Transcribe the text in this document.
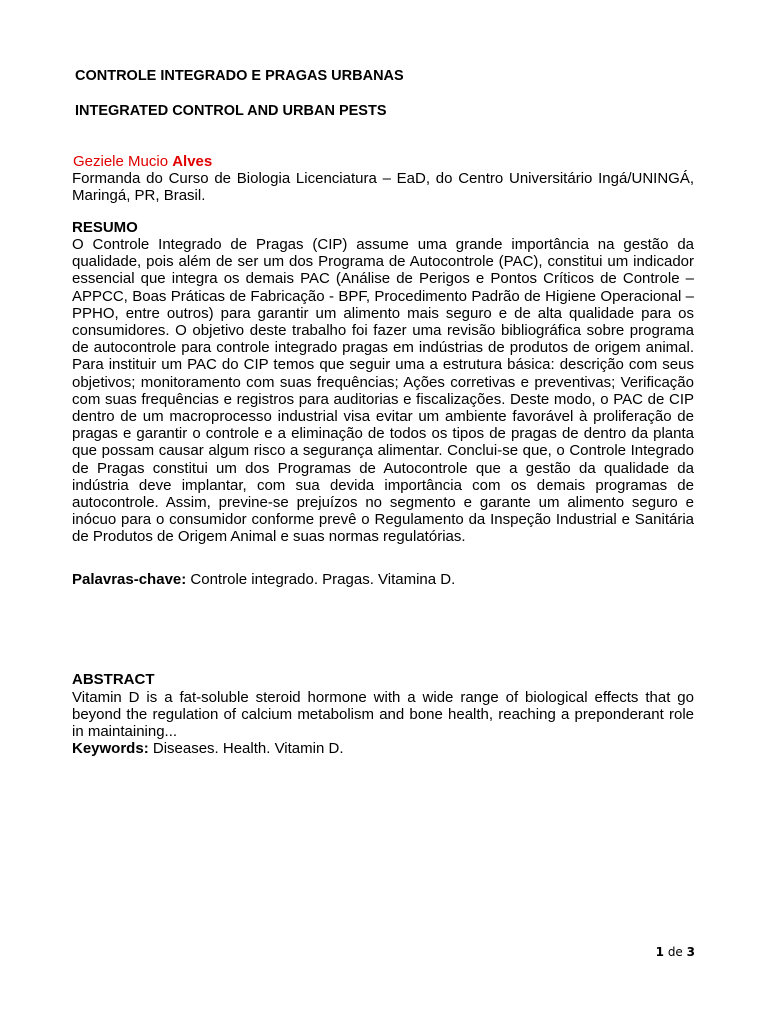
CONTROLE INTEGRADO E PRAGAS URBANAS
INTEGRATED CONTROL AND URBAN PESTS
Geziele Mucio Alves

Formanda do Curso de Biologia Licenciatura – EaD, do Centro Universitário Ingá/UNINGÁ, Maringá, PR, Brasil.

RESUMO

O Controle Integrado de Pragas (CIP) assume uma grande importância na gestão da qualidade, pois além de ser um dos Programa de Autocontrole (PAC), constitui um indicador essencial que integra os demais PAC (Análise de Perigos e Pontos Críticos de Controle – APPCC, Boas Práticas de Fabricação - BPF, Procedimento Padrão de Higiene Operacional – PPHO, entre outros) para garantir um alimento mais seguro e de alta qualidade para os consumidores. O objetivo deste trabalho foi fazer uma revisão bibliográfica sobre programa de autocontrole para controle integrado pragas em indústrias de produtos de origem animal. Para instituir um PAC do CIP temos que seguir uma a estrutura básica: descrição com seus objetivos; monitoramento com suas frequências; Ações corretivas e preventivas; Verificação com suas frequências e registros para auditorias e fiscalizações. Deste modo, o PAC de CIP dentro de um macroprocesso industrial visa evitar um ambiente favorável à proliferação de pragas e garantir o controle e a eliminação de todos os tipos de pragas de dentro da planta que possam causar algum risco a segurança alimentar. Conclui-se que, o Controle Integrado de Pragas constitui um dos Programas de Autocontrole que a gestão da qualidade da indústria deve implantar, com sua devida importância com os demais programas de autocontrole. Assim, previne-se prejuízos no segmento e garante um alimento seguro e inócuo para o consumidor conforme prevê o Regulamento da Inspeção Industrial e Sanitária de Produtos de Origem Animal e suas normas regulatórias.

Palavras-chave: Controle integrado. Pragas. Vitamina D.

ABSTRACT

Vitamin D is a fat-soluble steroid hormone with a wide range of biological effects that go beyond the regulation of calcium metabolism and bone health, reaching a preponderant role in maintaining...

Keywords: Diseases. Health. Vitamin D.

1 de 3
